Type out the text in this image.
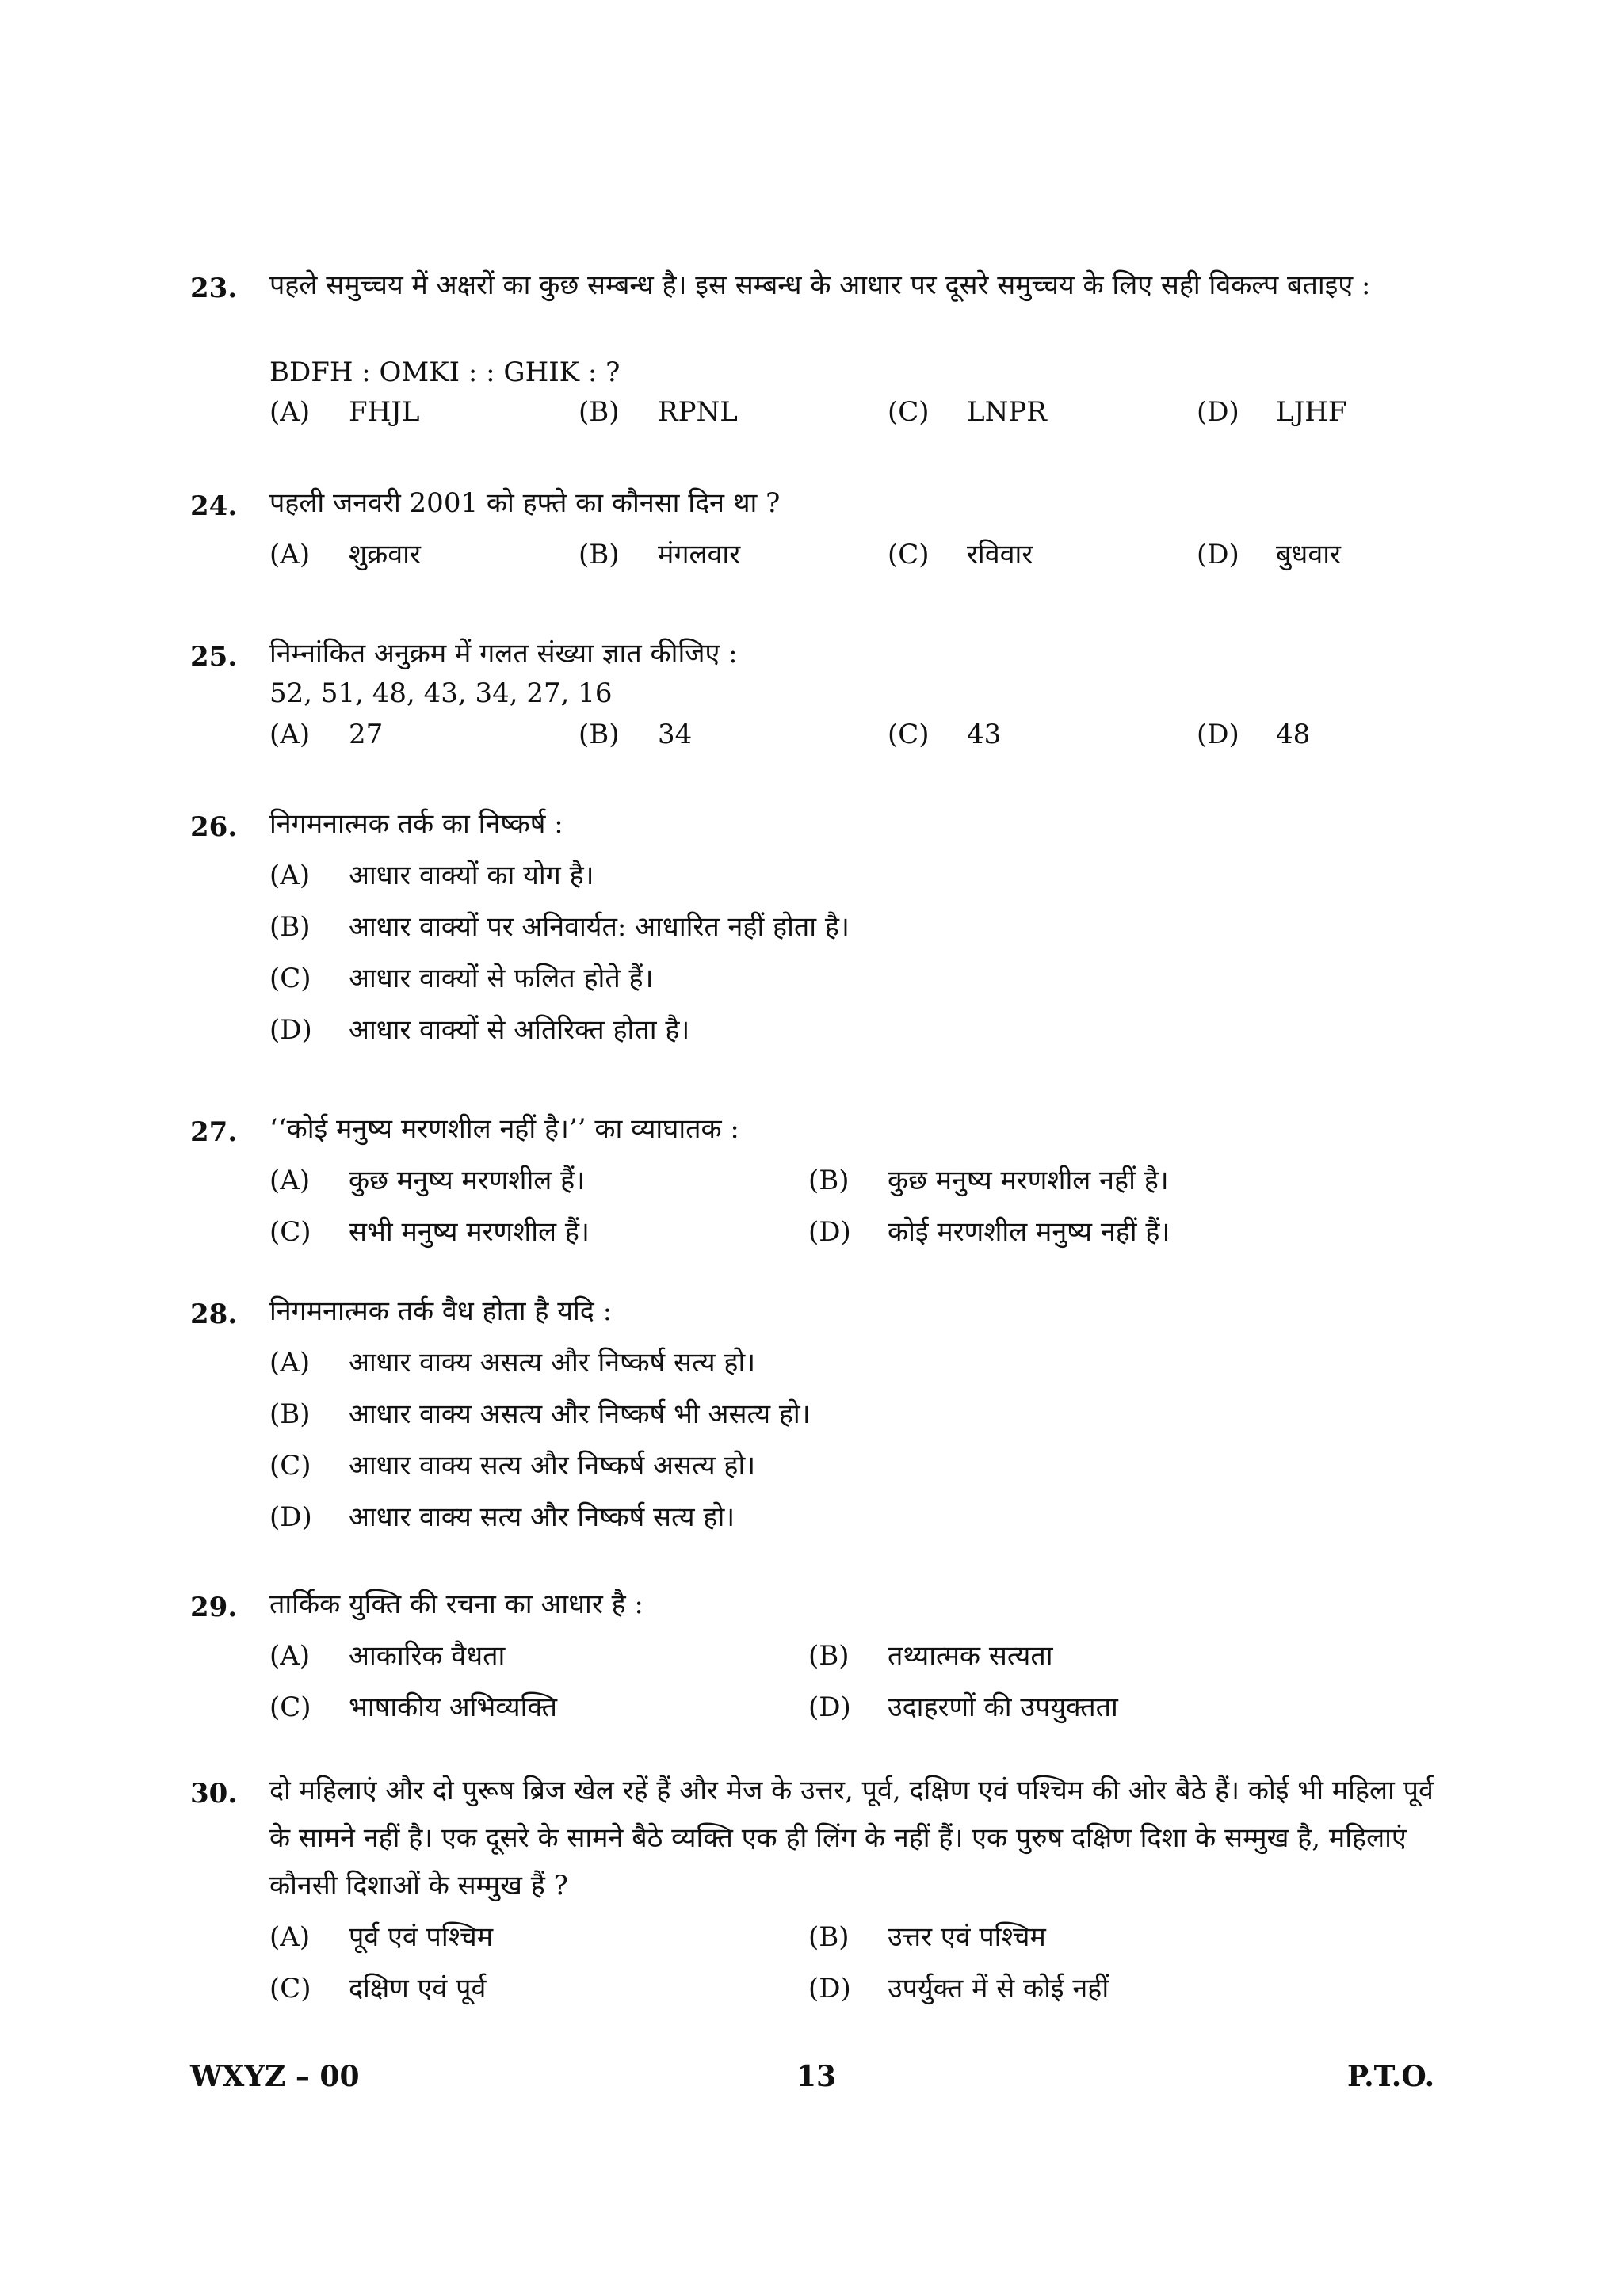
23.	पहले समुच्चय में अक्षरों का कुछ सम्बन्ध है। इस सम्बन्ध के आधार पर दूसरे समुच्चय के लिए सही विकल्प बताइए :
BDFH : OMKI : : GHIK : ?
(A) FHJL	(B) RPNL	(C) LNPR	(D) LJHF
24.	पहली जनवरी 2001 को हफ्ते का कौनसा दिन था ?
(A) शुक्रवार	(B) मंगलवार	(C) रविवार	(D) बुधवार
25.	निम्नांकित अनुक्रम में गलत संख्या ज्ञात कीजिए :
52, 51, 48, 43, 34, 27, 16
(A) 27	(B) 34	(C) 43	(D) 48
26.	निगमनात्मक तर्क का निष्कर्ष :
(A) आधार वाक्यों का योग है।
(B) आधार वाक्यों पर अनिवार्यत: आधारित नहीं होता है।
(C) आधार वाक्यों से फलित होते हैं।
(D) आधार वाक्यों से अतिरिक्त होता है।
27.	‘‘कोई मनुष्य मरणशील नहीं है।’’ का व्याघातक :
(A) कुछ मनुष्य मरणशील हैं।	(B) कुछ मनुष्य मरणशील नहीं है।
(C) सभी मनुष्य मरणशील हैं।	(D) कोई मरणशील मनुष्य नहीं हैं।
28.	निगमनात्मक तर्क वैध होता है यदि :
(A) आधार वाक्य असत्य और निष्कर्ष सत्य हो।
(B) आधार वाक्य असत्य और निष्कर्ष भी असत्य हो।
(C) आधार वाक्य सत्य और निष्कर्ष असत्य हो।
(D) आधार वाक्य सत्य और निष्कर्ष सत्य हो।
29.	तार्किक युक्ति की रचना का आधार है :
(A) आकारिक वैधता	(B) तथ्यात्मक सत्यता
(C) भाषाकीय अभिव्यक्ति	(D) उदाहरणों की उपयुक्तता
30.	दो महिलाएं और दो पुरूष ब्रिज खेल रहें हैं और मेज के उत्तर, पूर्व, दक्षिण एवं पश्चिम की ओर बैठे हैं। कोई भी महिला पूर्व के सामने नहीं है। एक दूसरे के सामने बैठे व्यक्ति एक ही लिंग के नहीं हैं। एक पुरुष दक्षिण दिशा के सम्मुख है, महिलाएं कौनसी दिशाओं के सम्मुख हैं ?
(A) पूर्व एवं पश्चिम	(B) उत्तर एवं पश्चिम
(C) दक्षिण एवं पूर्व	(D) उपर्युक्त में से कोई नहीं
WXYZ – 00	13	P.T.O.
